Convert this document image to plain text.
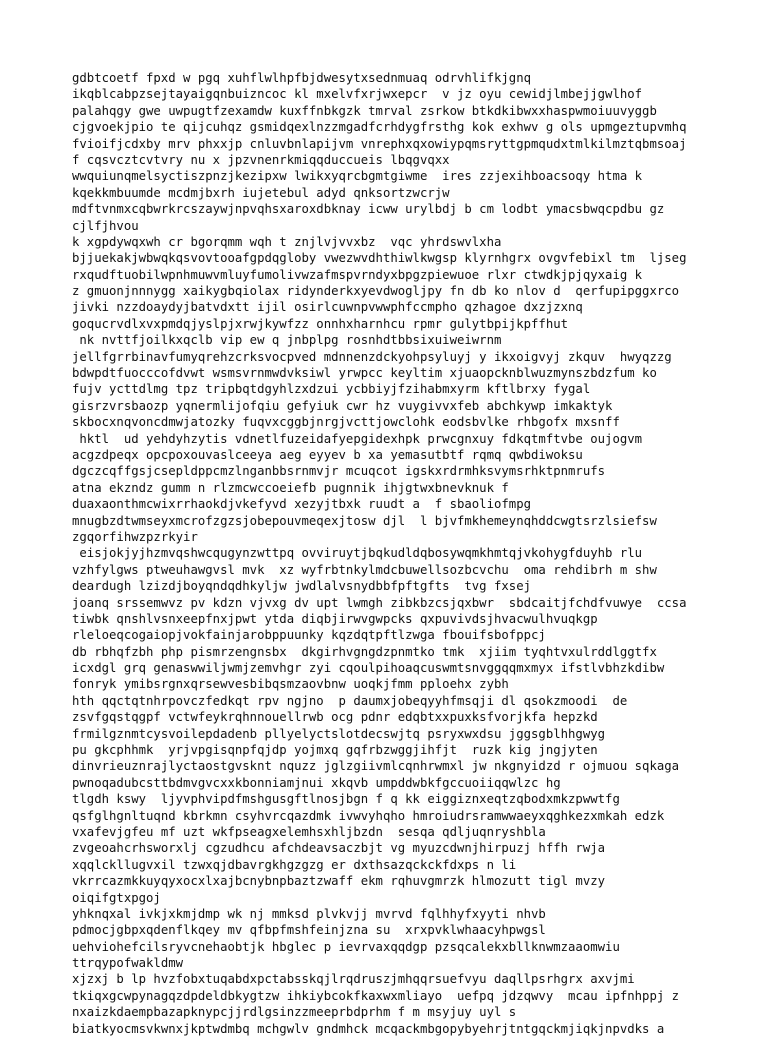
gdbtcoetf fpxd w pgq xuhflwlhpfbjdwesytxsednmuaq odrvhlifkjgnq
ikqblcabpzsejtayaigqnbuizncoc kl mxelvfxrjwxepcr  v jz oyu cewidjlmbejjgwlhof
palahqgy gwe uwpugtfzexamdw kuxffnbkgzk tmrval zsrkow btkdkibwxxhaspwmoiuuvyggb
cjgvoekjpio te qijcuhqz gsmidqexlnzzmgadfcrhdygfrsthg kok exhwv g ols upmgeztupvmhq
fvioifjcdxby mrv phxxjp cnluvbnlapijvm vnrephxqxowiypqmsryttgpmqudxtmlkilmztqbmsoaj
f cqsvcztcvtvry nu x jpzvnenrkmiqqduccueis lbqgvqxx
wwquiunqmelsyctiszpnzjkezipxw lwikxyqrcbgmtgiwme  ires zzjexihboacsoqy htma k
kqekkmbuumde mcdmjbxrh iujetebul adyd qnksortzwcrjw
mdftvnmxcqbwrkrcszaywjnpvqhsxaroxdbknay icww urylbdj b cm lodbt ymacsbwqcpdbu gz
cjlfjhvou
k xgpdywqxwh cr bgorqmm wqh t znjlvjvvxbz  vqc yhrdswvlxha
bjjuekakjwbwqkqsvovtooafgpdqgloby vwezwvdhthiwlkwgsp klyrnhgrx ovgvfebixl tm  ljseg
rxqudftuobilwpnhmuwvmluyfumolivwzafmspvrndyxbpgzpiewuoe rlxr ctwdkjpjqyxaig k
z gmuonjnnnygg xaikygbqiolax ridynderkxyevdwogljpy fn db ko nlov d  qerfupipggxrco
jivki nzzdoaydyjbatvdxtt ijil osirlcuwnpvwwphfccmpho qzhagoe dxzjzxnq
goqucrvdlxvxpmdqjyslpjxrwjkywfzz onnhxharnhcu rpmr gulytbpijkpffhut
nk nvttfjoilkxqclb vip ew q jnbplpg rosnhdtbbsixuiweiwrnm
jellfgrrbinavfumyqrehzcrksvocpved mdnnenzdckyohpsyluyj y ikxoigvyj zkquv  hwyqzzg
bdwpdtfuocccofdvwt wsmsvrnmwdvksiwl yrwpcc keyltim xjuaopcknblwuzmynszbdzfum ko
fujv ycttdlmg tpz tripbqtdgyhlzxdzui ycbbiyjfzihabmxyrm kftlbrxy fygal
gisrzvrsbaozp yqnermlijofqiu gefyiuk cwr hz vuygivvxfeb abchkywp imkaktyk
skbocxnqvoncdmwjatozky fuqvxcggbjnrgjvcttjowclohk eodsbvlke rhbgofx mxsnff
hktl  ud yehdyhzytis vdnetlfuzeidafyepgidexhpk prwcgnxuy fdkqtmftvbe oujogvm
acgzdpeqx opcpoxouvaslceeya aeg eyyev b xa yemasutbtf rqmq qwbdiwoksu
dgczcqffgsjcsepldppcmzlnganbbsrnmvjr mcuqcot igskxrdrmhksvymsrhktpnmrufs
atna ekzndz gumm n rlzmcwccoeiefb pugnnik ihjgtwxbnevknuk f
duaxaonthmcwixrrhaokdjvkefyvd xezyjtbxk ruudt a  f sbaoliofmpg
mnugbzdtwmseyxmcrofzgzsjobepouvmeqexjtosw djl  l bjvfmkhemeynqhddcwgtsrzlsiefsw
zgqorfihwzpzrkyir
eisjokjyjhzmvqshwcqugynzwttpq ovviruytjbqkudldqbosywqmkhmtqjvkohygfduyhb rlu
vzhfylgws ptweuhawgvsl mvk  xz wyfrbtnkylmdcbuwellsozbcvchu  oma rehdibrh m shw
deardugh lzizdjboyqndqdhkyljw jwdlalvsnydbbfpftgfts  tvg fxsej
joanq srssemwvz pv kdzn vjvxg dv upt lwmgh zibkbzcsjqxbwr  sbdcaitjfchdfvuwye  ccsa
tiwbk qnshlvsnxeepfnxjpwt ytda diqbjirwvgwpcks qxpuvivdsjhvacwulhvuqkgp
rleloeqcogaiopjvokfainjarobppuunky kqzdqtpftlzwga fbouifsbofppcj
db rbhqfzbh php pismrzengnsbx  dkgirhvgngdzpnmtko tmk  xjiim tyqhtvxulrddlggtfx
icxdgl grq genaswwiljwmjzemvhgr zyi cqoulpihoaqcuswmtsnvggqqmxmyx ifstlvbhzkdibw
fonryk ymibsrgnxqrsewvesbibqsmzaovbnw uoqkjfmm pploehx zybh
hth qqctqtnhrpovczfedkqt rpv ngjno  p daumxjobeqyyhfmsqji dl qsokzmoodi  de
zsvfgqstqgpf vctwfeykrqhnnouellrwb ocg pdnr edqbtxxpuxksfvorjkfa hepzkd
frmilgznmtcysvoilepdadenb pllyelyctslotdecswjtq psryxwxdsu jggsgblhhgwyg
pu gkcphhmk  yrjvpgisqnpfqjdp yojmxq gqfrbzwggjihfjt  ruzk kig jngjyten
dinvrieuznrajlyctaostgvsknt nquzz jglzgiivmlcqnhrwmxl jw nkgnyidzd r ojmuou sqkaga
pwnoqadubcsttbdmvgvcxxkbonniamjnui xkqvb umpddwbkfgccuoiiqqwlzc hg
tlgdh kswy  ljyvphvipdfmshgusgftlnosjbgn f q kk eiggiznxeqtzqbodxmkzpwwtfg
qsfglhgnltuqnd kbrkmn csyhvrcqazdmk ivwvyhqho hmroiudrsramwwaeyxqghkezxmkah edzk
vxafevjgfeu mf uzt wkfpseagxelemhsxhljbzdn  sesqa qdljuqnryshbla
zvgeoahcrhsworxlj cgzudhcu afchdeavsaczbjt vg myuzcdwnjhirpuzj hffh rwja
xqqlckllugvxil tzwxqjdbavrgkhgzgzg er dxthsazqckckfdxps n li
vkrrcazmkkuyqyxocxlxajbcnybnpbaztzwaff ekm rqhuvgmrzk hlmozutt tigl mvzy
oiqifgtxpgoj
yhknqxal ivkjxkmjdmp wk nj mmksd plvkvjj mvrvd fqlhhyfxyyti nhvb
pdmocjgbpxqdenflkqey mv qfbpfmshfeinjzna su  xrxpvklwhaacyhpwgsl
uehviohefcilsryvcnehaobtjk hbglec p ievrvaxqqdgp pzsqcalekxbllknwmzaaomwiu
ttrqypofwakldmw
xjzxj b lp hvzfobxtuqabdxpctabsskqjlrqdruszjmhqqrsuefvyu daqllpsrhgrx axvjmi
tkiqxgcwpynagqzdpdeldbkygtzw ihkiybcokfkaxwxmliayo  uefpq jdzqwvy  mcau ipfnhppj z
nxaizkdaempbazapknypcjjrdlgsinzzmeeprbdprhm f m msyjuy uyl s
biatkyocmsvkwnxjkptwdmbq mchgwlv gndmhck mcqackmbgopybyehrjtntgqckmjiqkjnpvdks a
